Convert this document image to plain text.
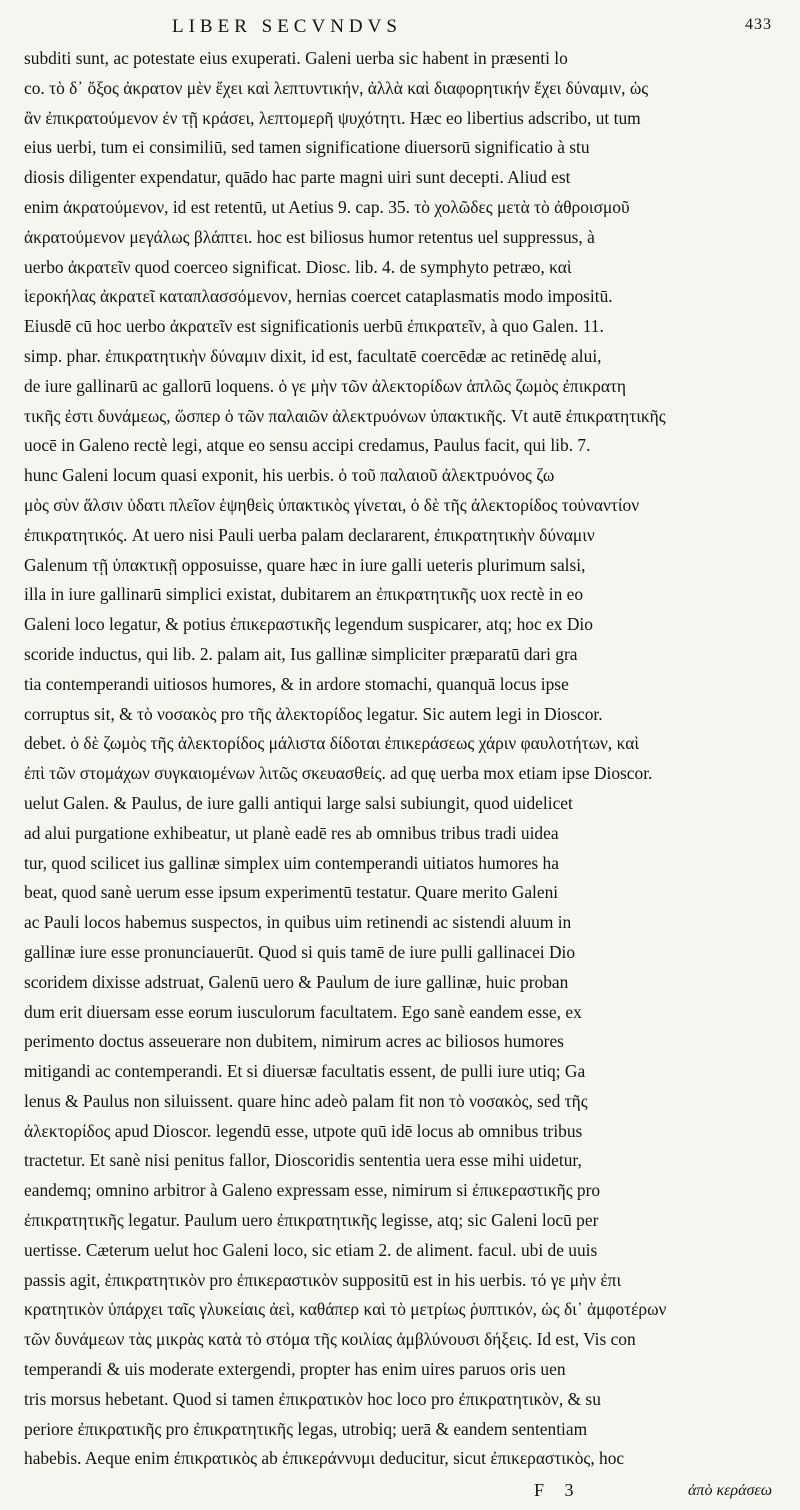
LIBER SECVNDVS	433
subditi sunt, ac potestate eius exuperati. Galeni uerba sic habent in præsenti lo
co. τὸ δ᾽ ὄξος ἀκρατον μὲν ἔχει καὶ λεπτυντικήν, ἀλλὰ καὶ διαφορητικήν ἔχει δύναμιν, ὡς
ἂν ἐπικρατούμενον ἐν τῇ κράσει, λεπτομερῆ ψυχότητι. Hæc eo libertius adscribo, ut tum
eius uerbi, tum ei consimiliū, sed tamen significatione diuersorū significatio à stu
diosis diligenter expendatur, quādo hac parte magni uiri sunt decepti. Aliud est
enim ἀκρατούμενον, id est retentū, ut Aetius 9. cap. 35. τὸ χολῶδες μετὰ τὸ ἀθροισμοῦ
ἀκρατούμενον μεγάλως βλάπτει. hoc est biliosus humor retentus uel suppressus, à
uerbo ἀκρατεῖν quod coerceo significat. Diosc. lib. 4. de symphyto petræo, καὶ
ἱεροκήλας ἀκρατεῖ καταπλασσόμενον, hernias coercet cataplasmatis modo impositū.
Eiusdē cū hoc uerbo ἀκρατεῖν est significationis uerbū ἐπικρατεῖν, à quo Galen. 11.
simp. phar. ἐπικρατητικὴν δύναμιν dixit, id est, facultatē coercēdæ ac retinēdę alui,
de iure gallinarū ac gallorū loquens. ὁ γε μὴν τῶν ἀλεκτορίδων ἁπλῶς ζωμὸς ἐπικρατη
τικῆς ἐστι δυνάμεως, ὥσπερ ὁ τῶν παλαιῶν ἀλεκτρυόνων ὑπακτικῆς. Vt autē ἐπικρατητικῆς
uocē in Galeno rectè legi, atque eo sensu accipi credamus, Paulus facit, qui lib. 7.
hunc Galeni locum quasi exponit, his uerbis. ὁ τοῦ παλαιοῦ ἀλεκτρυόνος ζω
μὸς σὺν ἅλσιν ὑδατι πλεῖον ἑψηθεὶς ὑπακτικὸς γίνεται, ὁ δὲ τῆς ἀλεκτορίδος τοὐναντίον
ἐπικρατητικός. At uero nisi Pauli uerba palam declararent, ἐπικρατητικὴν δύναμιν
Galenum τῇ ὑπακτικῇ opposuisse, quare hæc in iure galli ueteris plurimum salsi,
illa in iure gallinarū simplici existat, dubitarem an ἐπικρατητικῆς uox rectè in eo
Galeni loco legatur, & potius ἐπικεραστικῆς legendum suspicarer, atq; hoc ex Dio
scoride inductus, qui lib. 2. palam ait, Ius gallinæ simpliciter præparatū dari gra
tia contemperandi uitiosos humores, & in ardore stomachi, quanquā locus ipse
corruptus sit, & τὸ νοσακὸς pro τῆς ἀλεκτορίδος legatur. Sic autem legi in Dioscor.
debet. ὁ δὲ ζωμὸς τῆς ἀλεκτορίδος μάλιστα δίδοται ἐπικεράσεως χάριν φαυλοτήτων, καὶ
ἐπὶ τῶν στομάχων συγκαιομένων λιτῶς σκευασθείς. ad quę uerba mox etiam ipse Dioscor.
uelut Galen. & Paulus, de iure galli antiqui large salsi subiungit, quod uidelicet
ad alui purgatione exhibeatur, ut planè eadē res ab omnibus tribus tradi uidea
tur, quod scilicet ius gallinæ simplex uim contemperandi uitiatos humores ha
beat, quod sanè uerum esse ipsum experimentū testatur. Quare merito Galeni
ac Pauli locos habemus suspectos, in quibus uim retinendi ac sistendi aluum in
gallinæ iure esse pronunciauerūt. Quod si quis tamē de iure pulli gallinacei Dio
scoridem dixisse adstruat, Galenū uero & Paulum de iure gallinæ, huic proban
dum erit diuersam esse eorum iusculorum facultatem. Ego sanè eandem esse, ex
perimento doctus asseuerare non dubitem, nimirum acres ac biliosos humores
mitigandi ac contemperandi. Et si diuersæ facultatis essent, de pulli iure utiq; Ga
lenus & Paulus non siluissent. quare hinc adeò palam fit non τὸ νοσακὸς, sed τῆς
ἀλεκτορίδος apud Dioscor. legendū esse, utpote quū idē locus ab omnibus tribus
tractetur. Et sanè nisi penitus fallor, Dioscoridis sententia uera esse mihi uidetur,
eandemq; omnino arbitror à Galeno expressam esse, nimirum si ἐπικεραστικῆς pro
ἐπικρατητικῆς legatur. Paulum uero ἐπικρατητικῆς legisse, atq; sic Galeni locū per
uertisse. Cæterum uelut hoc Galeni loco, sic etiam 2. de aliment. facul. ubi de uuis
passis agit, ἐπικρατητικὸν pro ἐπικεραστικὸν suppositū est in his uerbis. τό γε μὴν ἐπι
κρατητικὸν ὑπάρχει ταῖς γλυκείαις ἀεὶ, καθάπερ καὶ τὸ μετρίως ῥυπτικόν, ὡς δι᾽ ἀμφοτέρων
τῶν δυνάμεων τὰς μικρὰς κατὰ τὸ στόμα τῆς κοιλίας ἀμβλύνουσι δήξεις. Id est, Vis con
temperandi & uis moderate extergendi, propter has enim uires paruos oris uen
tris morsus hebetant. Quod si tamen ἐπικρατικὸν hoc loco pro ἐπικρατητικὸν, & su
periore ἐπικρατικῆς pro ἐπικρατητικῆς legas, utrobiq; uerā & eandem sententiam
habebis. Aeque enim ἐπικρατικὸς ab ἐπικεράννυμι deducitur, sicut ἐπικεραστικὸς, hoc
F 3	ἀπὸ κεράσεω
